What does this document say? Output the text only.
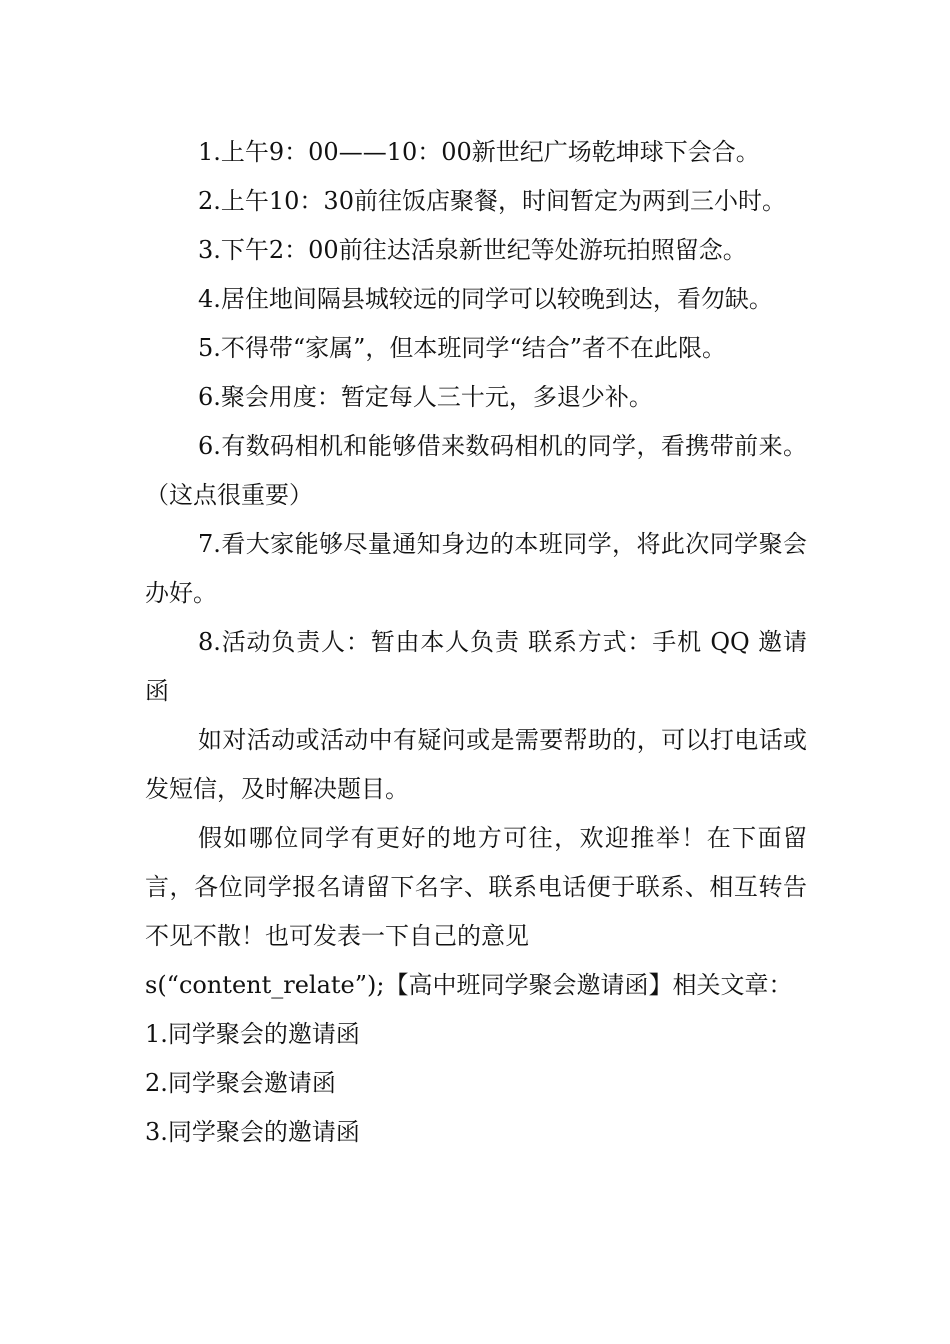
1.上午9：00——10：00新世纪广场乾坤球下会合。

2.上午10：30前往饭店聚餐，时间暂定为两到三小时。

3.下午2：00前往达活泉新世纪等处游玩拍照留念。

4.居住地间隔县城较远的同学可以较晚到达，看勿缺。

5.不得带“家属”，但本班同学“结合”者不在此限。

6.聚会用度：暂定每人三十元，多退少补。

6.有数码相机和能够借来数码相机的同学，看携带前来。（这点很重要）

7.看大家能够尽量通知身边的本班同学，将此次同学聚会办好。

8.活动负责人：暂由本人负责 联系方式：手机 QQ 邀请函

如对活动或活动中有疑问或是需要帮助的，可以打电话或发短信，及时解决题目。

假如哪位同学有更好的地方可往，欢迎推举！在下面留言，各位同学报名请留下名字、联系电话便于联系、相互转告不见不散！也可发表一下自己的意见

s(“content_relate”);【高中班同学聚会邀请函】相关文章：

1.同学聚会的邀请函

2.同学聚会邀请函

3.同学聚会的邀请函
